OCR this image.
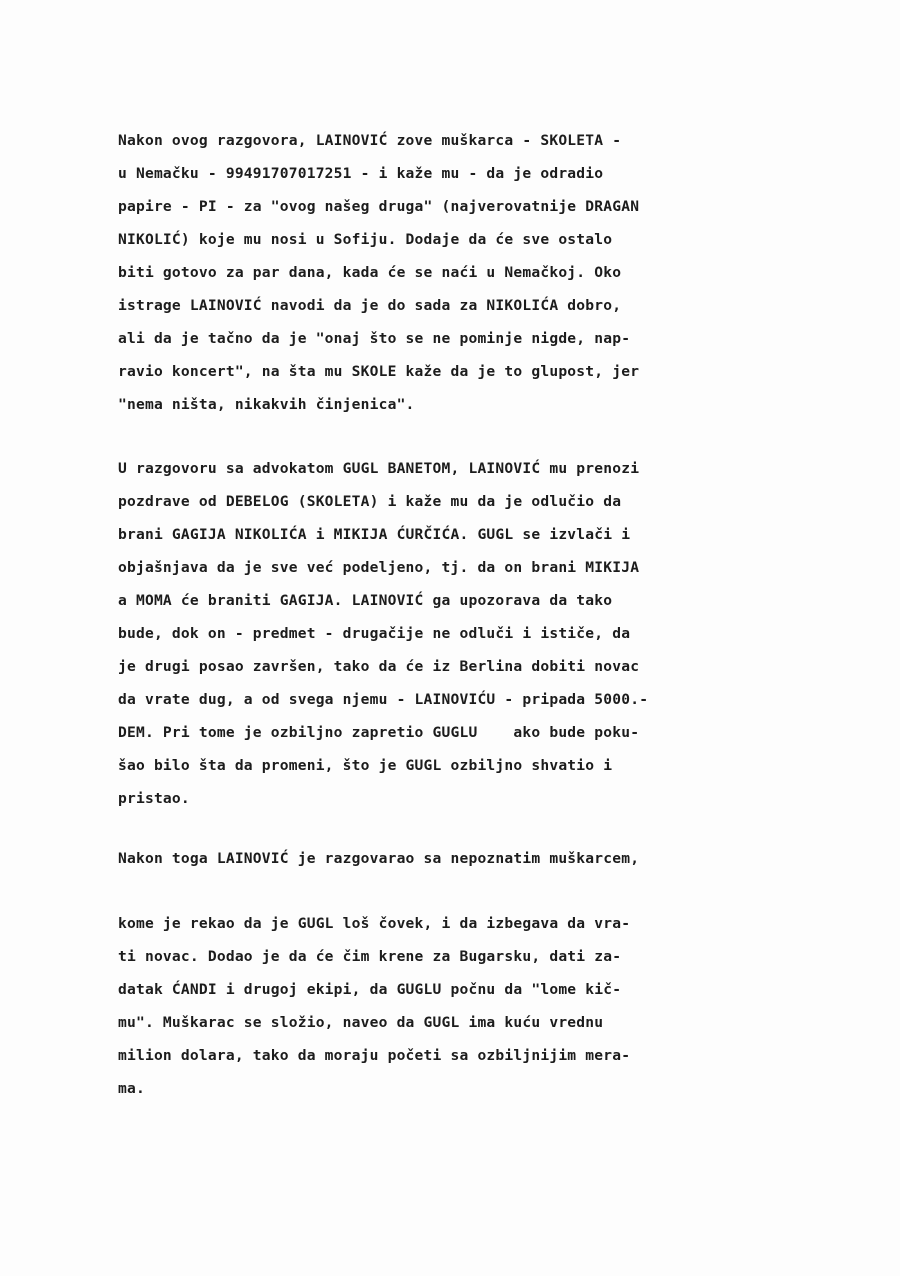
Nakon ovog razgovora, LAINOVIĆ zove muškarca - SKOLETA -
u Nemačku - 99491707017251 - i kaže mu - da je odradio
papire - PI - za "ovog našeg druga" (najverovatnije DRAGAN
NIKOLIĆ) koje mu nosi u Sofiju. Dodaje da će sve ostalo
biti gotovo za par dana, kada će se naći u Nemačkoj. Oko
istrage LAINOVIĆ navodi da je do sada za NIKOLIĆA dobro,
ali da je tačno da je "onaj što se ne pominje nigde, nap-
ravio koncert", na šta mu SKOLE kaže da je to glupost, jer
"nema ništa, nikakvih činjenica".
U razgovoru sa advokatom GUGL BANETOM, LAINOVIĆ mu prenozi
pozdrave od DEBELOG (SKOLETA) i kaže mu da je odlučio da
brani GAGIJA NIKOLIĆA i MIKIJA ĆURČIĆA. GUGL se izvlači i
objašnjava da je sve već podeljeno, tj. da on brani MIKIJA
a MOMA će braniti GAGIJA. LAINOVIĆ ga upozorava da tako
bude, dok on - predmet - drugačije ne odluči i ističe, da
je drugi posao završen, tako da će iz Berlina dobiti novac
da vrate dug, a od svega njemu - LAINOVIĆU - pripada 5000.-
DEM. Pri tome je ozbiljno zapretio GUGLU    ako bude poku-
šao bilo šta da promeni, što je GUGL ozbiljno shvatio i
pristao.
Nakon toga LAINOVIĆ je razgovarao sa nepoznatim muškarcem,
kome je rekao da je GUGL loš čovek, i da izbegava da vra-
ti novac. Dodao je da će čim krene za Bugarsku, dati za-
datak ĆANDI i drugoj ekipi, da GUGLU počnu da "lome kič-
mu". Muškarac se složio, naveo da GUGL ima kuću vrednu
milion dolara, tako da moraju početi sa ozbiljnijim mera-
ma.
